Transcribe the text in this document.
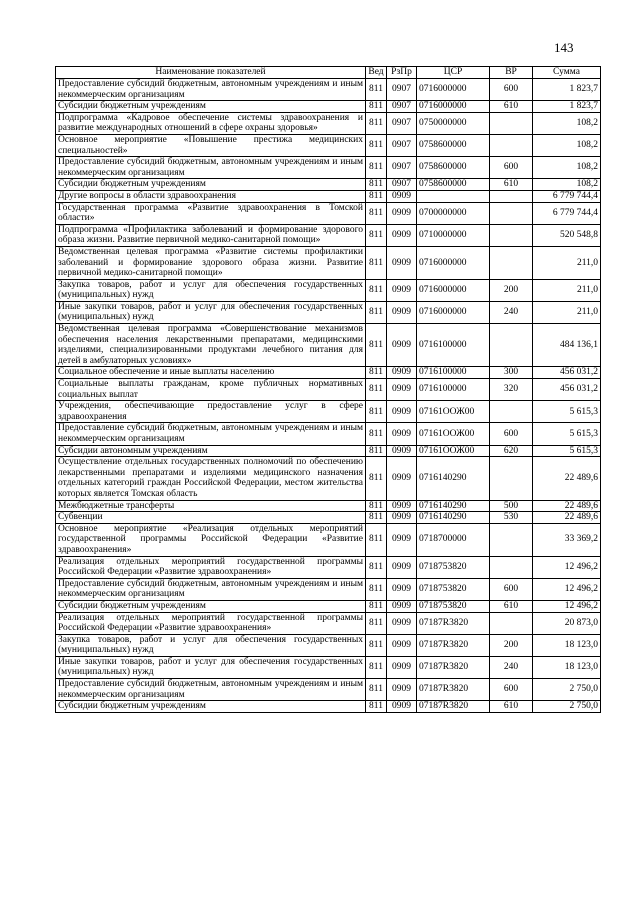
143
Наименование показателей	Вед	РзПр	ЦСР	ВР	Сумма
Предоставление субсидий бюджетным, автономным учреждениям и иным некоммерческим организациям	811	0907	0716000000	600	1 823,7
Субсидии бюджетным учреждениям	811	0907	0716000000	610	1 823,7
Подпрограмма «Кадровое обеспечение системы здравоохранения и развитие международных отношений в сфере охраны здоровья»	811	0907	0750000000		108,2
Основное мероприятие «Повышение престижа медицинских специальностей»	811	0907	0758600000		108,2
Предоставление субсидий бюджетным, автономным учреждениям и иным некоммерческим организациям	811	0907	0758600000	600	108,2
Субсидии бюджетным учреждениям	811	0907	0758600000	610	108,2
Другие вопросы в области здравоохранения	811	0909			6 779 744,4
Государственная программа «Развитие здравоохранения в Томской области»	811	0909	0700000000		6 779 744,4
Подпрограмма «Профилактика заболеваний и формирование здорового образа жизни. Развитие первичной медико-санитарной помощи»	811	0909	0710000000		520 548,8
Ведомственная целевая программа «Развитие системы профилактики заболеваний и формирование здорового образа жизни. Развитие первичной медико-санитарной помощи»	811	0909	0716000000		211,0
Закупка товаров, работ и услуг для обеспечения государственных (муниципальных) нужд	811	0909	0716000000	200	211,0
Иные закупки товаров, работ и услуг для обеспечения государственных (муниципальных) нужд	811	0909	0716000000	240	211,0
Ведомственная целевая программа «Совершенствование механизмов обеспечения населения лекарственными препаратами, медицинскими изделиями, специализированными продуктами лечебного питания для детей в амбулаторных условиях»	811	0909	0716100000		484 136,1
Социальное обеспечение и иные выплаты населению	811	0909	0716100000	300	456 031,2
Социальные выплаты гражданам, кроме публичных нормативных социальных выплат	811	0909	0716100000	320	456 031,2
Учреждения, обеспечивающие предоставление услуг в сфере здравоохранения	811	0909	07161ООЖ00		5 615,3
Предоставление субсидий бюджетным, автономным учреждениям и иным некоммерческим организациям	811	0909	07161ООЖ00	600	5 615,3
Субсидии автономным учреждениям	811	0909	07161ООЖ00	620	5 615,3
Осуществление отдельных государственных полномочий по обеспечению лекарственными препаратами и изделиями медицинского назначения отдельных категорий граждан Российской Федерации, местом жительства которых является Томская область	811	0909	0716140290		22 489,6
Межбюджетные трансферты	811	0909	0716140290	500	22 489,6
Субвенции	811	0909	0716140290	530	22 489,6
Основное мероприятие «Реализация отдельных мероприятий государственной программы Российской Федерации «Развитие здравоохранения»	811	0909	0718700000		33 369,2
Реализация отдельных мероприятий государственной программы Российской Федерации «Развитие здравоохранения»	811	0909	0718753820		12 496,2
Предоставление субсидий бюджетным, автономным учреждениям и иным некоммерческим организациям	811	0909	0718753820	600	12 496,2
Субсидии бюджетным учреждениям	811	0909	0718753820	610	12 496,2
Реализация отдельных мероприятий государственной программы Российской Федерации «Развитие здравоохранения»	811	0909	07187R3820		20 873,0
Закупка товаров, работ и услуг для обеспечения государственных (муниципальных) нужд	811	0909	07187R3820	200	18 123,0
Иные закупки товаров, работ и услуг для обеспечения государственных (муниципальных) нужд	811	0909	07187R3820	240	18 123,0
Предоставление субсидий бюджетным, автономным учреждениям и иным некоммерческим организациям	811	0909	07187R3820	600	2 750,0
Субсидии бюджетным учреждениям	811	0909	07187R3820	610	2 750,0
